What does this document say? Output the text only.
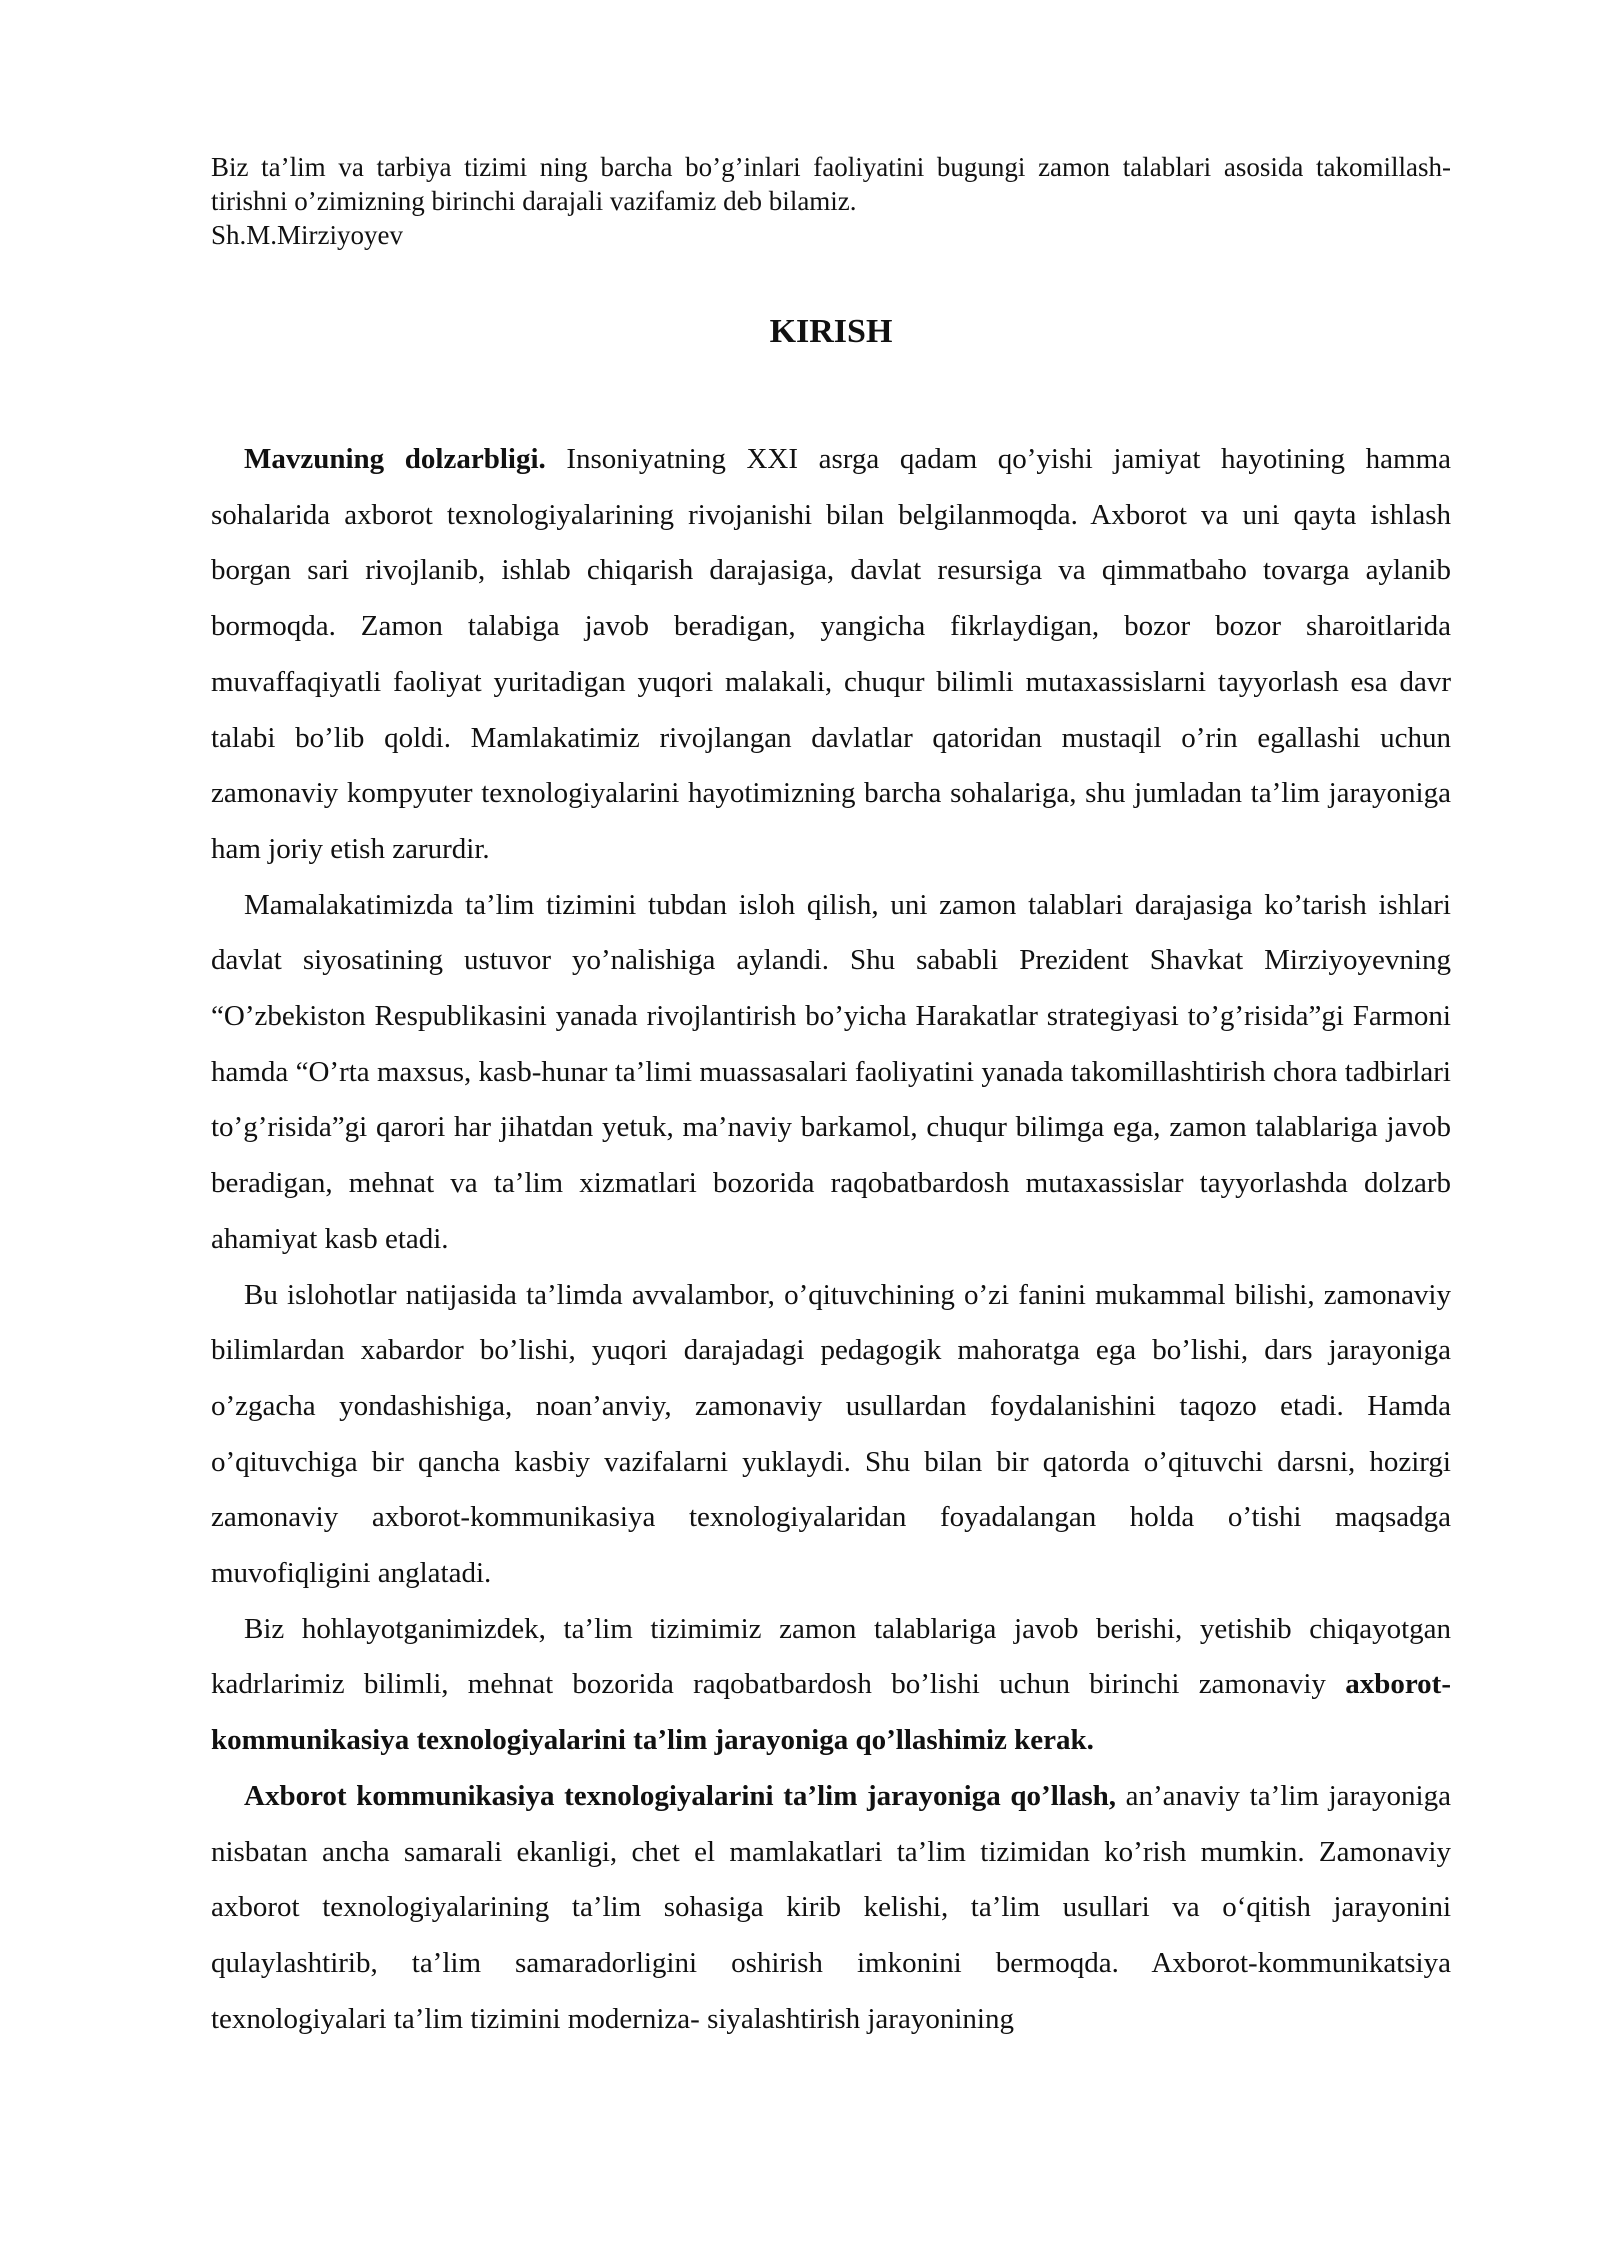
Biz ta’lim va tarbiya tizimi ning barcha bo’g’inlari faoliyatini bugungi zamon talablari asosida takomillash- tirishni o’zimizning birinchi darajali vazifamiz deb bilamiz.

Sh.M.Mirziyoyev

KIRISH

Mavzuning dolzarbligi. Insoniyatning XXI asrga qadam qo’yishi jamiyat hayotining hamma sohalarida axborot texnologiyalarining rivojanishi bilan belgilanmoqda. Axborot va uni qayta ishlash borgan sari rivojlanib, ishlab chiqarish darajasiga, davlat resursiga va qimmatbaho tovarga aylanib bormoqda. Zamon talabiga javob beradigan, yangicha fikrlaydigan, bozor bozor sharoitlarida muvaffaqiyatli faoliyat yuritadigan yuqori malakali, chuqur bilimli mutaxassislarni tayyorlash esa davr talabi bo’lib qoldi. Mamlakatimiz rivojlangan davlatlar qatoridan mustaqil o’rin egallashi uchun zamonaviy kompyuter texnologiyalarini hayotimizning barcha sohalariga, shu jumladan ta’lim jarayoniga ham joriy etish zarurdir.

Mamalakatimizda ta’lim tizimini tubdan isloh qilish, uni zamon talablari darajasiga ko’tarish ishlari davlat siyosatining ustuvor yo’nalishiga aylandi. Shu sababli Prezident Shavkat Mirziyoyevning “O’zbekiston Respublikasini yanada rivojlantirish bo’yicha Harakatlar strategiyasi to’g’risida”gi Farmoni hamda “O’rta maxsus, kasb-hunar ta’limi muassasalari faoliyatini yanada takomillashtirish chora tadbirlari to’g’risida”gi qarori har jihatdan yetuk, ma’naviy barkamol, chuqur bilimga ega, zamon talablariga javob beradigan, mehnat va ta’lim xizmatlari bozorida raqobatbardosh mutaxassislar tayyorlashda dolzarb ahamiyat kasb etadi.

Bu islohotlar natijasida ta’limda avvalambor, o’qituvchining o’zi fanini mukammal bilishi, zamonaviy bilimlardan xabardor bo’lishi, yuqori darajadagi pedagogik mahoratga ega bo’lishi, dars jarayoniga o’zgacha yondashishiga, noan’anviy, zamonaviy usullardan foydalanishini taqozo etadi. Hamda o’qituvchiga bir qancha kasbiy vazifalarni yuklaydi. Shu bilan bir qatorda o’qituvchi darsni, hozirgi zamonaviy axborot-kommunikasiya texnologiyalaridan foyadalangan holda o’tishi maqsadga muvofiqligini anglatadi.

Biz hohlayotganimizdek, ta’lim tizimimiz zamon talablariga javob berishi, yetishib chiqayotgan kadrlarimiz bilimli, mehnat bozorida raqobatbardosh bo’lishi uchun birinchi zamonaviy axborot-kommunikasiya texnologiyalarini ta’lim jarayoniga qo’llashimiz kerak.

Axborot kommunikasiya texnologiyalarini ta’lim jarayoniga qo’llash, an’anaviy ta’lim jarayoniga nisbatan ancha samarali ekanligi, chet el mamlakatlari ta’lim tizimidan ko’rish mumkin. Zamonaviy axborot texnologiyalarining ta’lim sohasiga kirib kelishi, ta’lim usullari va o‘qitish jarayonini qulaylashtirib, ta’lim samaradorligini oshirish imkonini bermoqda. Axborot-kommunikatsiya texnologiyalari ta’lim tizimini moderniza- siyalashtirish jarayonining
